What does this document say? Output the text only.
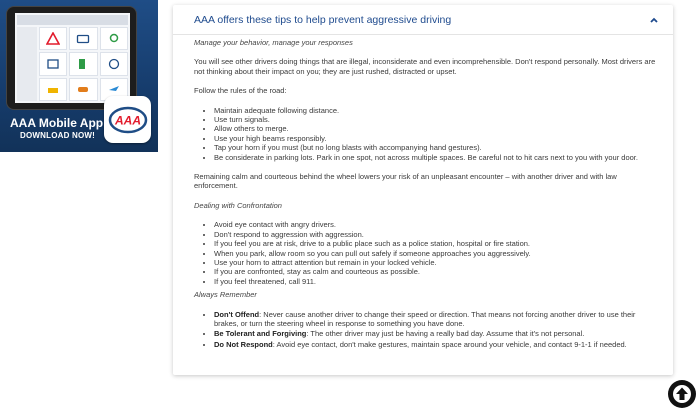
AAA Mobile App
DOWNLOAD NOW!
AAA
AAA offers these tips to help prevent aggressive driving
Manage your behavior, manage your responses

You will see other drivers doing things that are illegal, inconsiderate and even incomprehensible. Don't respond personally. Most drivers are not thinking about their impact on you; they are just rushed, distracted or upset.

Follow the rules of the road:

• Maintain adequate following distance.
• Use turn signals.
• Allow others to merge.
• Use your high beams responsibly.
• Tap your horn if you must (but no long blasts with accompanying hand gestures).
• Be considerate in parking lots. Park in one spot, not across multiple spaces. Be careful not to hit cars next to you with your door.

Remaining calm and courteous behind the wheel lowers your risk of an unpleasant encounter – with another driver and with law enforcement.

Dealing with Confrontation
• Avoid eye contact with angry drivers.
• Don't respond to aggression with aggression.
• If you feel you are at risk, drive to a public place such as a police station, hospital or fire station.
• When you park, allow room so you can pull out safely if someone approaches you aggressively.
• Use your horn to attract attention but remain in your locked vehicle.
• If you are confronted, stay as calm and courteous as possible.
• If you feel threatened, call 911.
Always Remember
• Don't Offend: Never cause another driver to change their speed or direction. That means not forcing another driver to use their brakes, or turn the steering wheel in response to something you have done.
• Be Tolerant and Forgiving: The other driver may just be having a really bad day. Assume that it's not personal.
• Do Not Respond: Avoid eye contact, don't make gestures, maintain space around your vehicle, and contact 9-1-1 if needed.
